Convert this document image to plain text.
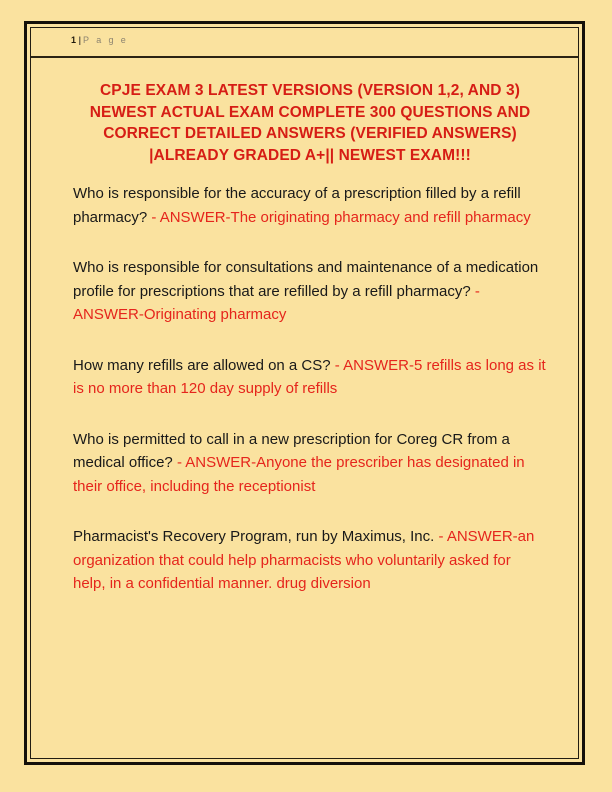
1 | P a g e
CPJE EXAM 3 LATEST VERSIONS (VERSION 1,2, AND 3) NEWEST ACTUAL EXAM COMPLETE 300 QUESTIONS AND CORRECT DETAILED ANSWERS (VERIFIED ANSWERS) |ALREADY GRADED A+|| NEWEST EXAM!!!

Who is responsible for the accuracy of a prescription filled by a refill pharmacy? - ANSWER-The originating pharmacy and refill pharmacy

Who is responsible for consultations and maintenance of a medication profile for prescriptions that are refilled by a refill pharmacy? - ANSWER-Originating pharmacy

How many refills are allowed on a CS? - ANSWER-5 refills as long as it is no more than 120 day supply of refills

Who is permitted to call in a new prescription for Coreg CR from a medical office? - ANSWER-Anyone the prescriber has designated in their office, including the receptionist

Pharmacist's Recovery Program, run by Maximus, Inc. - ANSWER-an organization that could help pharmacists who voluntarily asked for help, in a confidential manner. drug diversion
